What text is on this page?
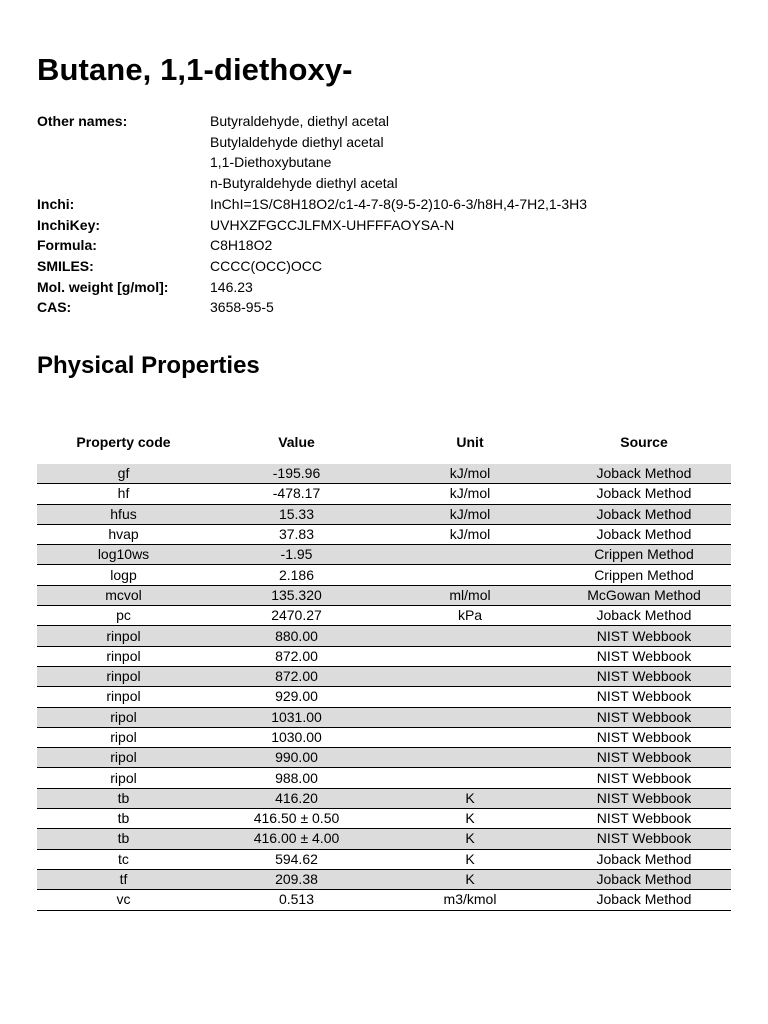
Butane, 1,1-diethoxy-
Other names:	Butyraldehyde, diethyl acetal
Butylaldehyde diethyl acetal
1,1-Diethoxybutane
n-Butyraldehyde diethyl acetal
Inchi:	InChI=1S/C8H18O2/c1-4-7-8(9-5-2)10-6-3/h8H,4-7H2,1-3H3
InchiKey:	UVHXZFGCCJLFMX-UHFFFAOYSA-N
Formula:	C8H18O2
SMILES:	CCCC(OCC)OCC
Mol. weight [g/mol]:	146.23
CAS:	3658-95-5
Physical Properties
Property code	Value	Unit	Source
gf	-195.96	kJ/mol	Joback Method
hf	-478.17	kJ/mol	Joback Method
hfus	15.33	kJ/mol	Joback Method
hvap	37.83	kJ/mol	Joback Method
log10ws	-1.95		Crippen Method
logp	2.186		Crippen Method
mcvol	135.320	ml/mol	McGowan Method
pc	2470.27	kPa	Joback Method
rinpol	880.00		NIST Webbook
rinpol	872.00		NIST Webbook
rinpol	872.00		NIST Webbook
rinpol	929.00		NIST Webbook
ripol	1031.00		NIST Webbook
ripol	1030.00		NIST Webbook
ripol	990.00		NIST Webbook
ripol	988.00		NIST Webbook
tb	416.20	K	NIST Webbook
tb	416.50 ± 0.50	K	NIST Webbook
tb	416.00 ± 4.00	K	NIST Webbook
tc	594.62	K	Joback Method
tf	209.38	K	Joback Method
vc	0.513	m3/kmol	Joback Method
